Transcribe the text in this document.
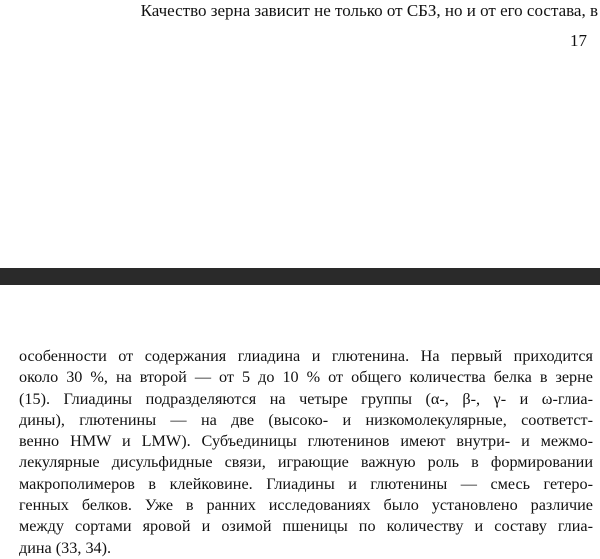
Качество зерна зависит не только от СБЗ, но и от его состава, в
17

особенности от содержания глиадина и глютенина. На первый приходится
около 30 %, на второй — от 5 до 10 % от общего количества белка в зерне
(15). Глиадины подразделяются на четыре группы (α-, β-, γ- и ω-глиа-
дины), глютенины — на две (высоко- и низкомолекулярные, соответст-
венно HMW и LMW). Субъединицы глютенинов имеют внутри- и межмо-
лекулярные дисульфидные связи, играющие важную роль в формировании
макрополимеров в клейковине. Глиадины и глютенины — смесь гетеро-
генных белков. Уже в ранних исследованиях было установлено различие
между сортами яровой и озимой пшеницы по количеству и составу глиа-
дина (33, 34).
